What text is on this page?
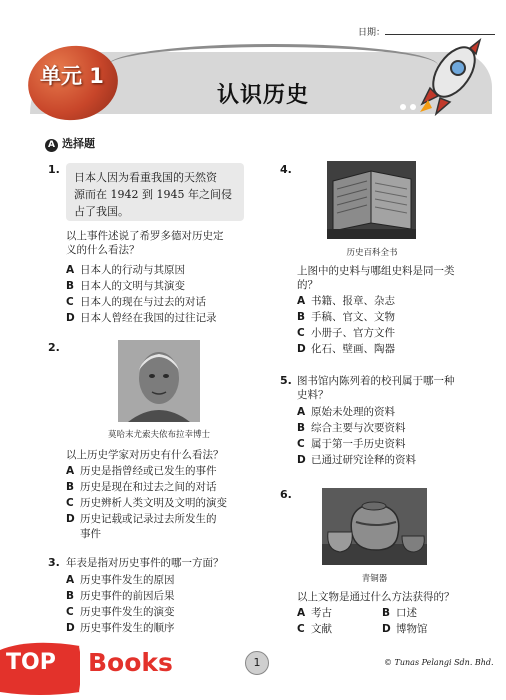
日期：
单元 1
认识历史
A 选择题
1.
日本人因为看重我国的天然资
源而在 1942 到 1945 年之间侵
占了我国。
以上事件述说了希罗多德对历史定
义的什么看法？
A 日本人的行动与其原因
B 日本人的文明与其演变
C 日本人的现在与过去的对话
D 日本人曾经在我国的过往记录
2.
莫哈末尤索夫依布拉幸博士
以上历史学家对历史有什么看法？
A 历史是指曾经或已发生的事件
B 历史是现在和过去之间的对话
C 历史辨析人类文明及文明的演变
D 历史记载或记录过去所发生的
事件
3. 年表是指对历史事件的哪一方面？
A 历史事件发生的原因
B 历史事件的前因后果
C 历史事件发生的演变
D 历史事件发生的顺序
4.
历史百科全书
上图中的史料与哪组史料是同一类
的？
A 书籍、报章、杂志
B 手稿、官文、文物
C 小册子、官方文件
D 化石、壁画、陶器
5. 图书馆内陈列着的校刊属于哪一种
史料？
A 原始未处理的资料
B 综合主要与次要资料
C 属于第一手历史资料
D 已通过研究诠释的资料
6.
青铜器
以上文物是通过什么方法获得的？
A 考古	B 口述
C 文献	D 博物馆
TOP Books	1	© Tunas Pelangi Sdn. Bhd.
